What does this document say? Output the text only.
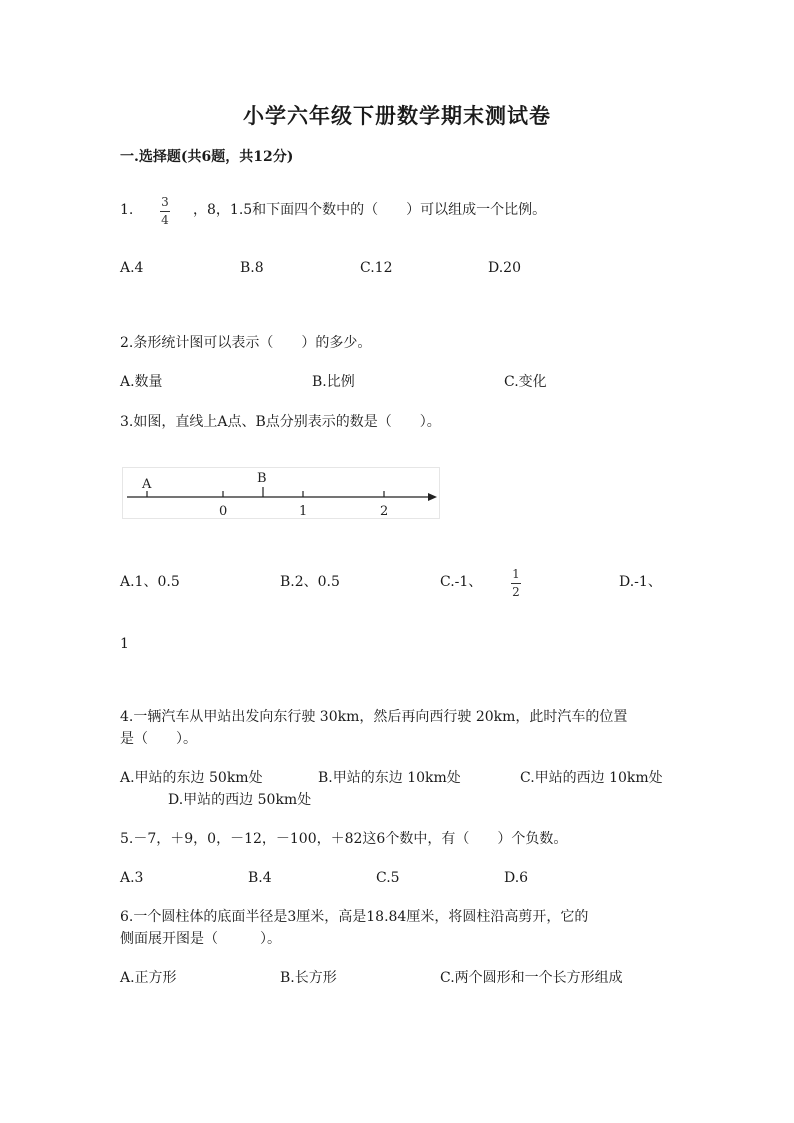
小学六年级下册数学期末测试卷
一.选择题(共6题，共12分)
1. 3
4
，8，1.5和下面四个数中的（　　）可以组成一个比例。
A.4	B.8	C.12	D.20
2.条形统计图可以表示（　　）的多少。
A.数量	B.比例	C.变化
3.如图，直线上A点、B点分别表示的数是（　　）。
A	B
0	1	2
A.1、0.5	B.2、0.5	C.-1、 1
2
D.-1、
1
4.一辆汽车从甲站出发向东行驶 30km，然后再向西行驶 20km，此时汽车的位置
是（　　）。
A.甲站的东边 50km处	B.甲站的东边 10km处	C.甲站的西边 10km处
D.甲站的西边 50km处
5.－7，＋9，0，－12，－100，＋82这6个数中，有（　　）个负数。
A.3	B.4	C.5	D.6
6.一个圆柱体的底面半径是3厘米，高是18.84厘米，将圆柱沿高剪开，它的
侧面展开图是（　　　）。
A.正方形	B.长方形	C.两个圆形和一个长方形组成
